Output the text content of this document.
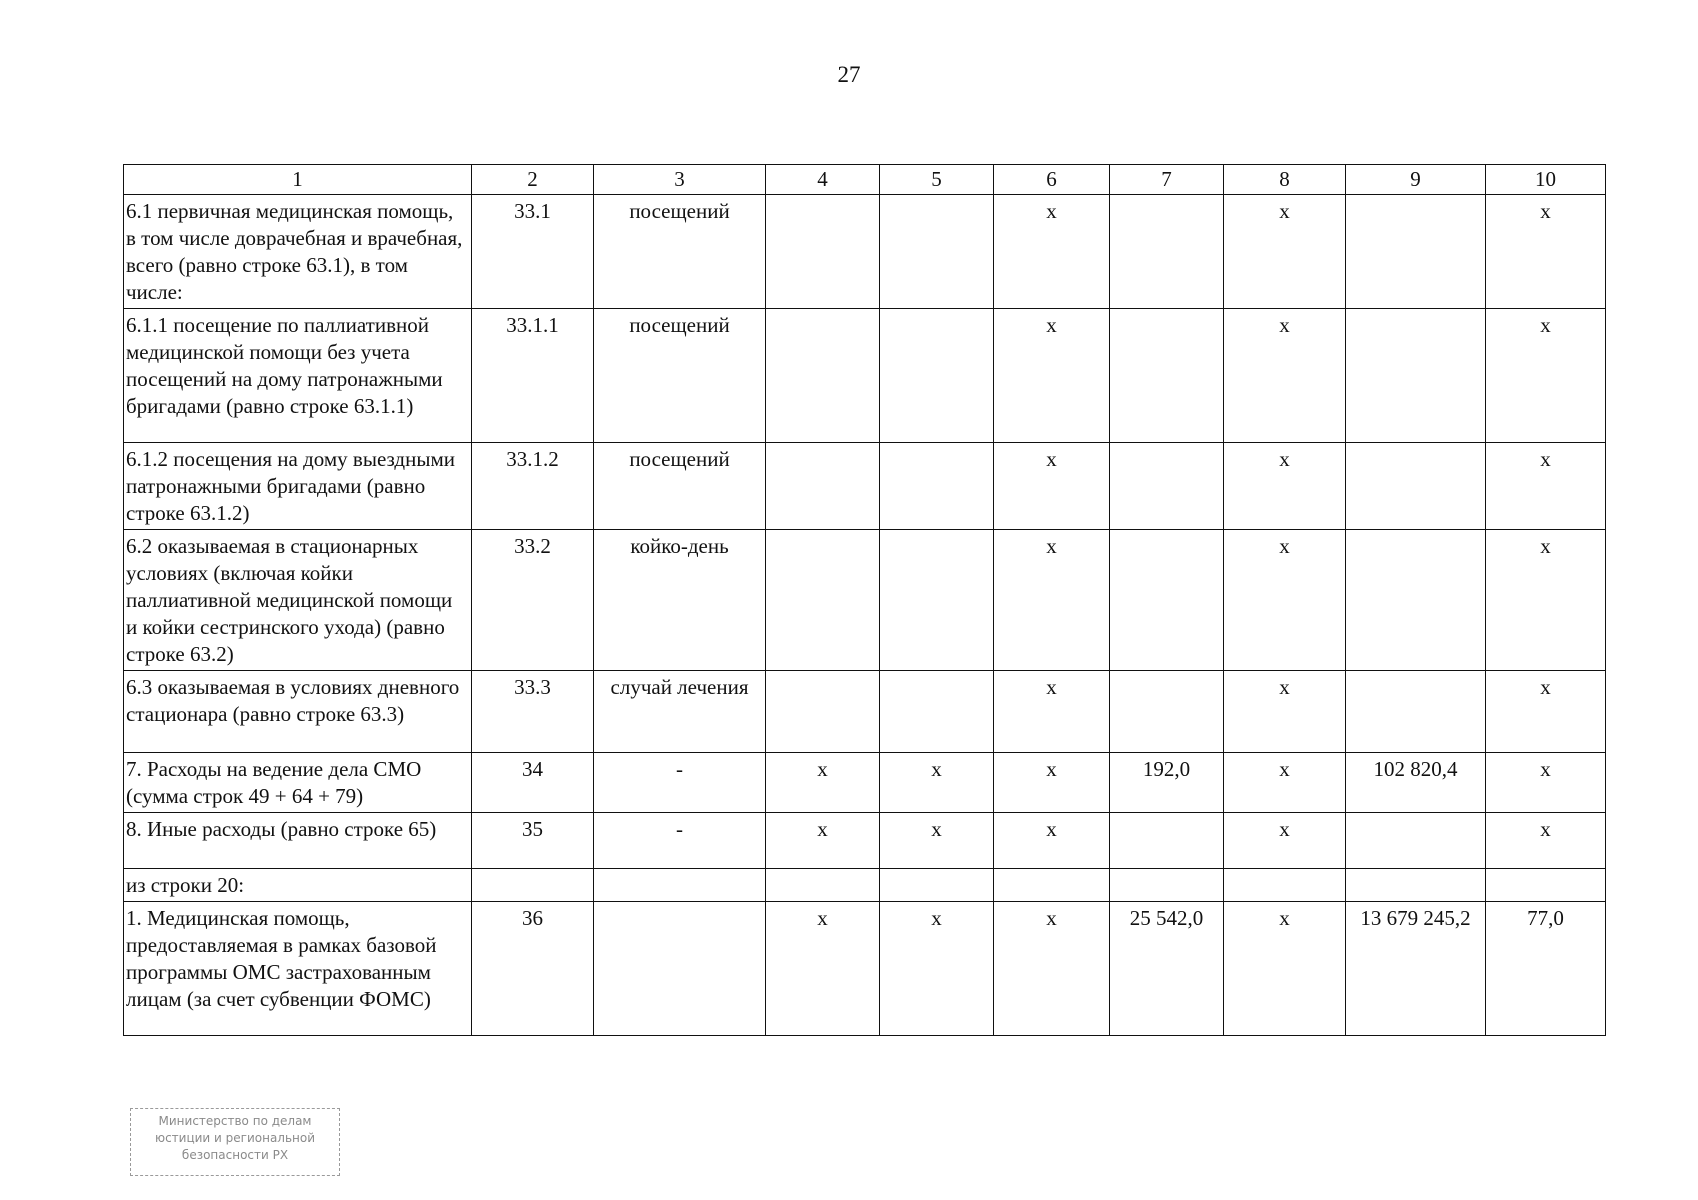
27
1	2	3	4	5	6	7	8	9	10
6.1 первичная медицинская помощь, в том числе доврачебная и врачебная, всего (равно строке 63.1), в том числе:	33.1	посещений			х		х		х
6.1.1 посещение по паллиативной медицинской помощи без учета посещений на дому патронажными бригадами (равно строке 63.1.1)	33.1.1	посещений			х		х		х
6.1.2 посещения на дому выездными патронажными бригадами (равно строке 63.1.2)	33.1.2	посещений			х		х		х
6.2 оказываемая в стационарных условиях (включая койки паллиативной медицинской помощи и койки сестринского ухода) (равно строке 63.2)	33.2	койко-день			х		х		х
6.3 оказываемая в условиях дневного стационара (равно строке 63.3)	33.3	случай лечения			х		х		х
7. Расходы на ведение дела СМО (сумма строк 49 + 64 + 79)	34	-	х	х	х	192,0	х	102 820,4	х
8. Иные расходы (равно строке 65)	35	-	х	х	х		х		х
из строки 20:									
1. Медицинская помощь, предоставляемая в рамках базовой программы ОМС застрахованным лицам (за счет субвенции ФОМС)	36		х	х	х	25 542,0	х	13 679 245,2	77,0
Министерство по делам
юстиции и региональной
безопасности РХ
